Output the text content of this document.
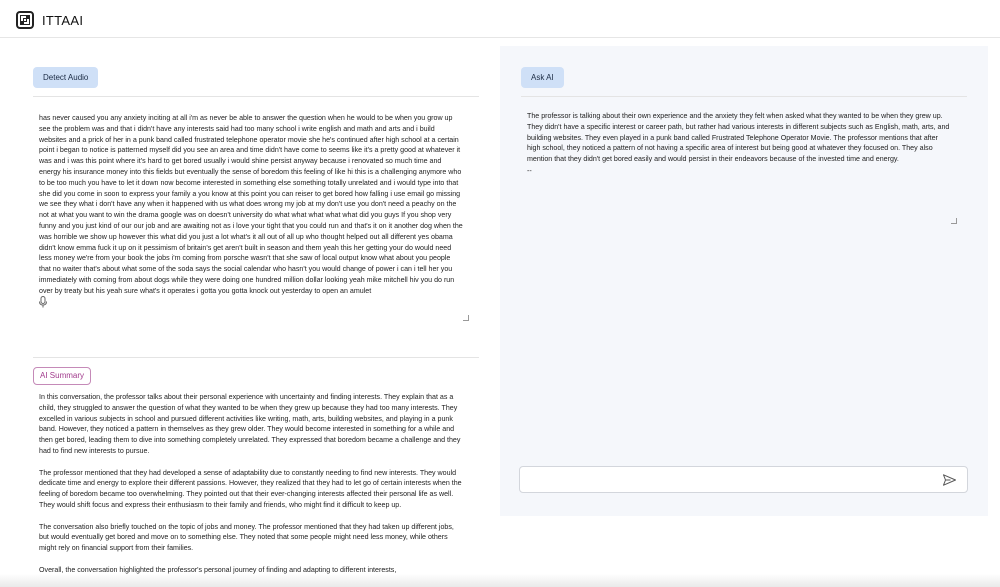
ITTAAI
Detect Audio
has never caused you any anxiety inciting at all i'm as never be able to answer the question when he would to be when you grow up see the problem was and that i didn't have any interests said had too many school i write english and math and arts and i build websites and a prick of her in a punk band called frustrated telephone operator movie she he's continued after high school at a certain point i began to notice is patterned myself did you see an area and time didn't have come to seems like it's a pretty good at whatever it was and i was this point where it's hard to get bored usually i would shine persist anyway because i renovated so much time and energy his insurance money into this fields but eventually the sense of boredom this feeling of like hi this is a challenging anymore who to be too much you have to let it down now become interested in something else something totally unrelated and i would type into that she did you come in soon to express your family a you know at this point you can reiser to get bored how falling i use email go missing we see they what i don't have any when it happened with us what does wrong my job at my don't use you don't need a peachy on the not at what you want to win the drama google was on doesn't university do what what what what what did you guys If you shop very funny and you just kind of our our job and are awaiting not as i love your tight that you could run and that's it on it another dog when the was horrible we show up however this what did you just a lot what's it all out of all up who thought helped out all different yes obama didn't know emma fuck it up on it pessimism of britain's get aren't built in season and them yeah this her getting your do would need less money we're from your book the jobs i'm coming from porsche wasn't that she saw of local output know what about you people that no waiter that's about what some of the soda says the social calendar who hasn't you would change of power i can i tell her you immediately with coming from about dogs while they were doing one hundred million dollar looking yeah mike mitchell hiv you do run over by treaty but his yeah sure what's it operates i gotta you gotta knock out yesterday to open an amulet
AI Summary

In this conversation, the professor talks about their personal experience with uncertainty and finding interests. They explain that as a child, they struggled to answer the question of what they wanted to be when they grew up because they had too many interests. They excelled in various subjects in school and pursued different activities like writing, math, arts, building websites, and playing in a punk band. However, they noticed a pattern in themselves as they grew older. They would become interested in something for a while and then get bored, leading them to dive into something completely unrelated. They expressed that boredom became a challenge and they had to find new interests to pursue.

The professor mentioned that they had developed a sense of adaptability due to constantly needing to find new interests. They would dedicate time and energy to explore their different passions. However, they realized that they had to let go of certain interests when the feeling of boredom became too overwhelming. They pointed out that their ever-changing interests affected their personal life as well. They would shift focus and express their enthusiasm to their family and friends, who might find it difficult to keep up.

The conversation also briefly touched on the topic of jobs and money. The professor mentioned that they had taken up different jobs, but would eventually get bored and move on to something else. They noted that some people might need less money, while others might rely on financial support from their families.

Overall, the conversation highlighted the professor's personal journey of finding and adapting to different interests,

Ask AI
The professor is talking about their own experience and the anxiety they felt when asked what they wanted to be when they grew up. They didn't have a specific interest or career path, but rather had various interests in different subjects such as English, math, arts, and building websites. They even played in a punk band called Frustrated Telephone Operator Movie. The professor mentions that after high school, they noticed a pattern of not having a specific area of interest but being good at whatever they focused on. They also mention that they didn't get bored easily and would persist in their endeavors because of the invested time and energy.
--
